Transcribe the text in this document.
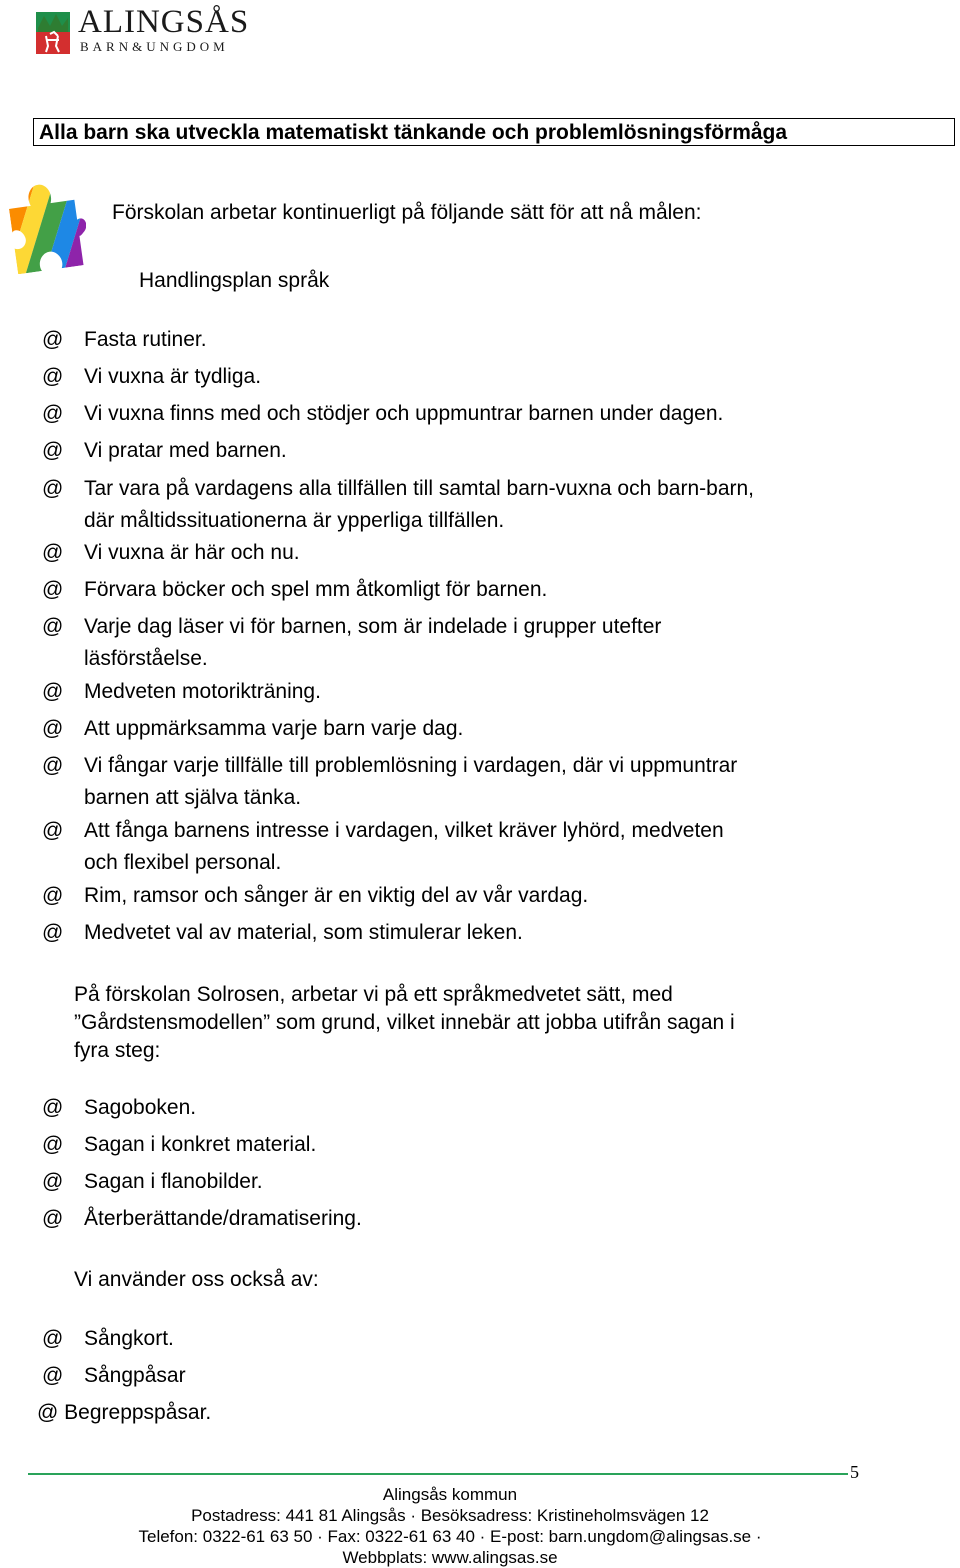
ALINGSÅS
BARN&UNGDOM
Alla barn ska utveckla matematiskt tänkande och problemlösningsförmåga
Förskolan arbetar kontinuerligt på följande sätt för att nå målen:
Handlingsplan språk
@ Fasta rutiner.
@ Vi vuxna är tydliga.
@ Vi vuxna finns med och stödjer och uppmuntrar barnen under dagen.
@ Vi pratar med barnen.
@ Tar vara på vardagens alla tillfällen till samtal barn-vuxna och barn-barn,
där måltidssituationerna är ypperliga tillfällen.
@ Vi vuxna är här och nu.
@ Förvara böcker och spel mm åtkomligt för barnen.
@ Varje dag läser vi för barnen, som är indelade i grupper utefter
läsförståelse.
@ Medveten motorikträning.
@ Att uppmärksamma varje barn varje dag.
@ Vi fångar varje tillfälle till problemlösning i vardagen, där vi uppmuntrar
barnen att själva tänka.
@ Att fånga barnens intresse i vardagen, vilket kräver lyhörd, medveten
och flexibel personal.
@ Rim, ramsor och sånger är en viktig del av vår vardag.
@ Medvetet val av material, som stimulerar leken.
På förskolan Solrosen, arbetar vi på ett språkmedvetet sätt, med
”Gårdstensmodellen” som grund, vilket innebär att jobba utifrån sagan i
fyra steg:
@ Sagoboken.
@ Sagan i konkret material.
@ Sagan i flanobilder.
@ Återberättande/dramatisering.
Vi använder oss också av:
@ Sångkort.
@ Sångpåsar
@ Begreppspåsar.
5
Alingsås kommun
Postadress: 441 81 Alingsås · Besöksadress: Kristineholmsvägen 12
Telefon: 0322-61 63 50 · Fax: 0322-61 63 40 · E-post: barn.ungdom@alingsas.se ·
Webbplats: www.alingsas.se
